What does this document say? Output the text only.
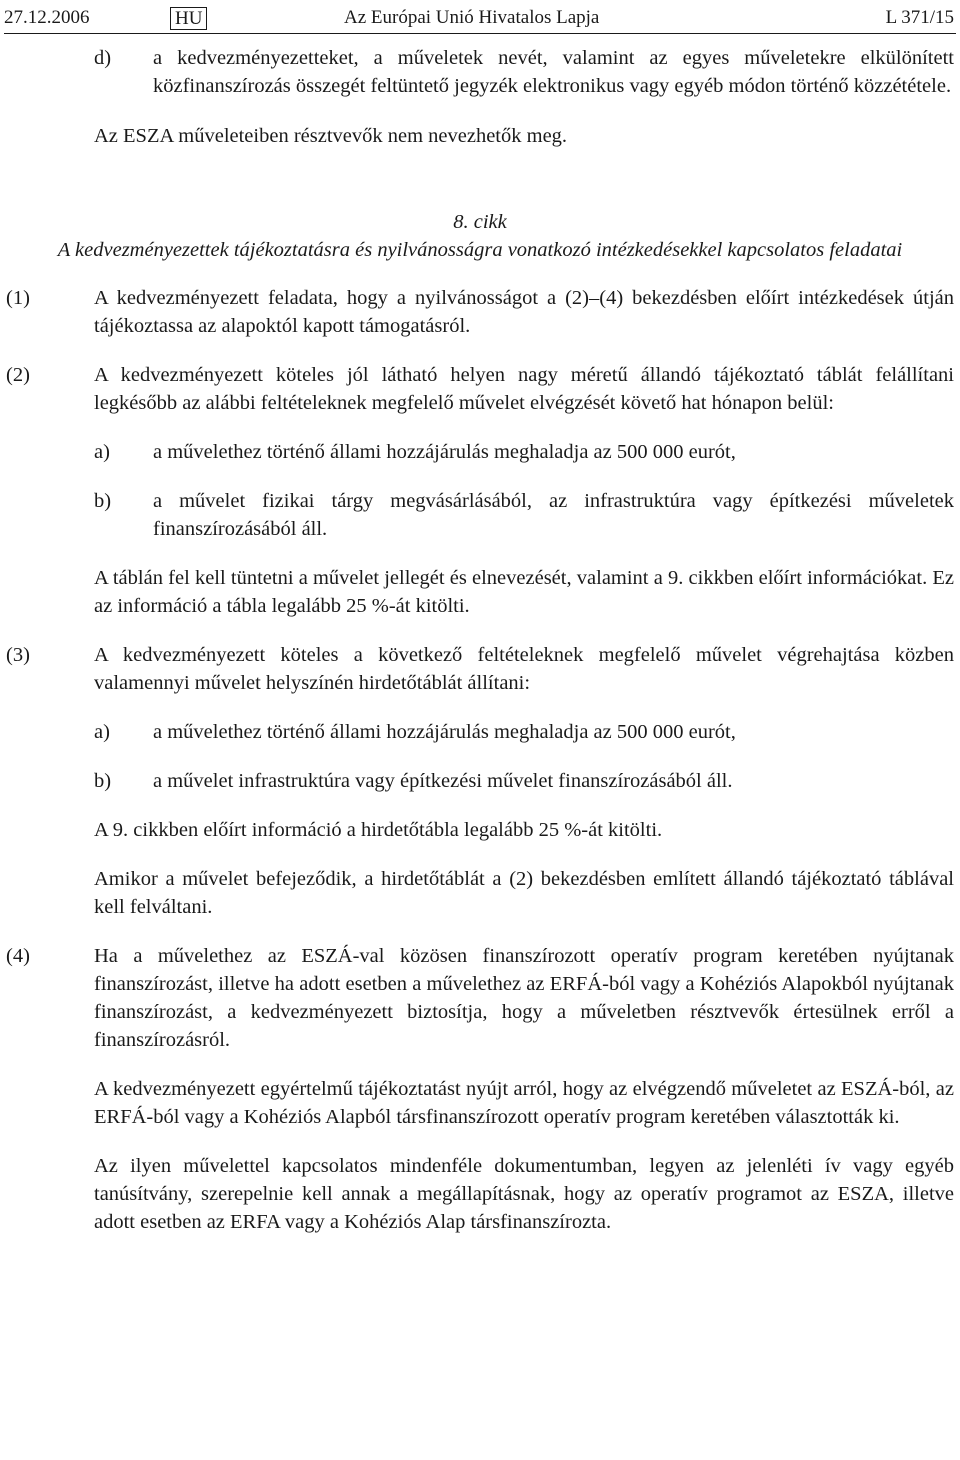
27.12.2006	HU	Az Európai Unió Hivatalos Lapja	L 371/15
d)	a kedvezményezetteket, a műveletek nevét, valamint az egyes műveletekre elkülönített közfinanszírozás összegét feltüntető jegyzék elektronikus vagy egyéb módon történő közzététele.

Az ESZA műveleteiben résztvevők nem nevezhetők meg.

8. cikk

A kedvezményezettek tájékoztatásra és nyilvánosságra vonatkozó intézkedésekkel kapcsolatos feladatai

(1)	A kedvezményezett feladata, hogy a nyilvánosságot a (2)–(4) bekezdésben előírt intézkedések útján tájékoztassa az alapoktól kapott támogatásról.
(2)	A kedvezményezett köteles jól látható helyen nagy méretű állandó tájékoztató táblát felállítani legkésőbb az alábbi feltételeknek megfelelő művelet elvégzését követő hat hónapon belül:
a)	a művelethez történő állami hozzájárulás meghaladja az 500 000 eurót,
b)	a művelet fizikai tárgy megvásárlásából, az infrastruktúra vagy építkezési műveletek finanszírozásából áll.

A táblán fel kell tüntetni a művelet jellegét és elnevezését, valamint a 9. cikkben előírt információkat. Ez az információ a tábla legalább 25 %-át kitölti.

(3)	A kedvezményezett köteles a következő feltételeknek megfelelő művelet végrehajtása közben valamennyi művelet helyszínén hirdetőtáblát állítani:
a)	a művelethez történő állami hozzájárulás meghaladja az 500 000 eurót,
b)	a művelet infrastruktúra vagy építkezési művelet finanszírozásából áll.

A 9. cikkben előírt információ a hirdetőtábla legalább 25 %-át kitölti.

Amikor a művelet befejeződik, a hirdetőtáblát a (2) bekezdésben említett állandó tájékoztató táblával kell felváltani.

(4)	Ha a művelethez az ESZÁ-val közösen finanszírozott operatív program keretében nyújtanak finanszírozást, illetve ha adott esetben a művelethez az ERFÁ-ból vagy a Kohéziós Alapokból nyújtanak finanszírozást, a kedvezményezett biztosítja, hogy a műveletben résztvevők értesülnek erről a finanszírozásról.

A kedvezményezett egyértelmű tájékoztatást nyújt arról, hogy az elvégzendő műveletet az ESZÁ-ból, az ERFÁ-ból vagy a Kohéziós Alapból társfinanszírozott operatív program keretében választották ki.

Az ilyen művelettel kapcsolatos mindenféle dokumentumban, legyen az jelenléti ív vagy egyéb tanúsítvány, szerepelnie kell annak a megállapításnak, hogy az operatív programot az ESZA, illetve adott esetben az ERFA vagy a Kohéziós Alap társfinanszírozta.
